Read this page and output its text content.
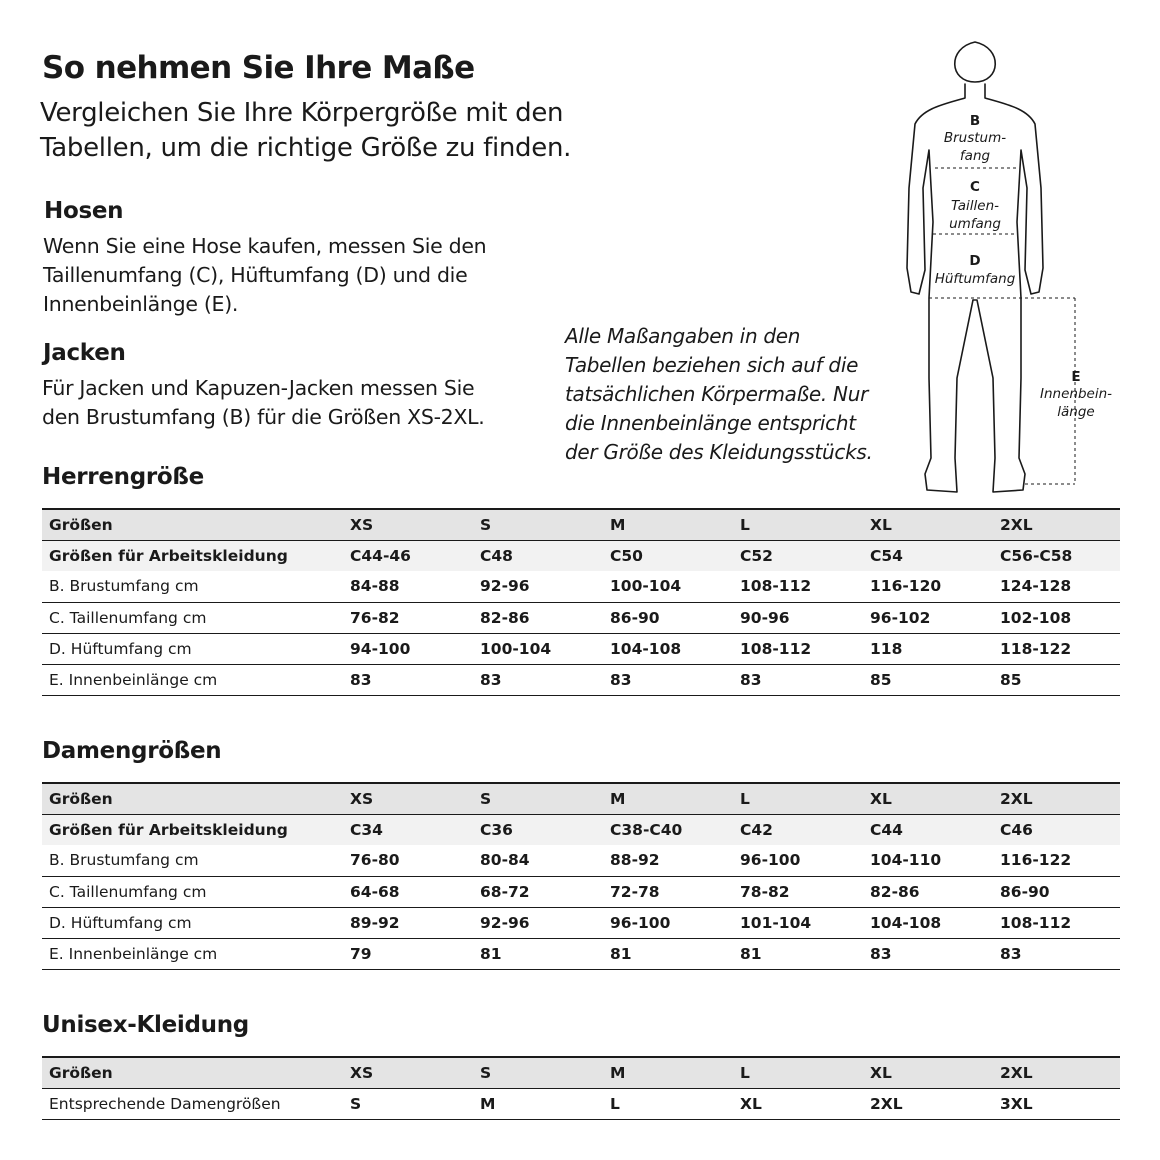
So nehmen Sie Ihre Maße
Vergleichen Sie Ihre Körpergröße mit den
Tabellen, um die richtige Größe zu finden.
Hosen
Wenn Sie eine Hose kaufen, messen Sie den
Taillenumfang (C), Hüftumfang (D) und die
Innenbeinlänge (E).
Jacken
Für Jacken und Kapuzen-Jacken messen Sie
den Brustumfang (B) für die Größen XS-2XL.
Alle Maßangaben in den
Tabellen beziehen sich auf die
tatsächlichen Körpermaße. Nur
die Innenbeinlänge entspricht
der Größe des Kleidungsstücks.
B
Brustum-
fang
C
Taillen-
umfang
D
Hüftumfang
E
Innenbein-
länge
Herrengröße
Größen	XS	S	M	L	XL	2XL
Größen für Arbeitskleidung	C44-46	C48	C50	C52	C54	C56-C58
B. Brustumfang cm	84-88	92-96	100-104	108-112	116-120	124-128
C. Taillenumfang cm	76-82	82-86	86-90	90-96	96-102	102-108
D. Hüftumfang cm	94-100	100-104	104-108	108-112	118	118-122
E. Innenbeinlänge cm	83	83	83	83	85	85
Damengrößen
Größen	XS	S	M	L	XL	2XL
Größen für Arbeitskleidung	C34	C36	C38-C40	C42	C44	C46
B. Brustumfang cm	76-80	80-84	88-92	96-100	104-110	116-122
C. Taillenumfang cm	64-68	68-72	72-78	78-82	82-86	86-90
D. Hüftumfang cm	89-92	92-96	96-100	101-104	104-108	108-112
E. Innenbeinlänge cm	79	81	81	81	83	83
Unisex-Kleidung
Größen	XS	S	M	L	XL	2XL
Entsprechende Damengrößen	S	M	L	XL	2XL	3XL
